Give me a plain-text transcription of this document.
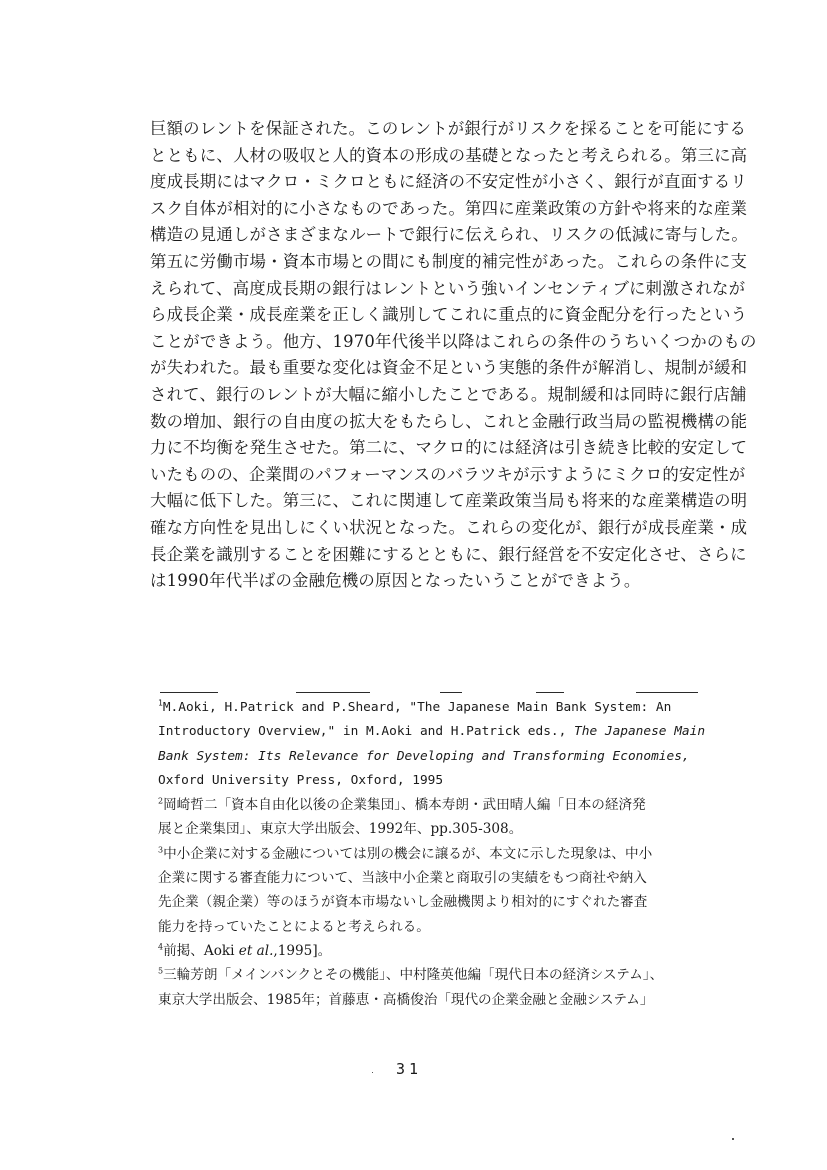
巨額のレントを保証された。このレントが銀行がリスクを採ることを可能にする
とともに、人材の吸収と人的資本の形成の基礎となったと考えられる。第三に高
度成長期にはマクロ・ミクロともに経済の不安定性が小さく、銀行が直面するリ
スク自体が相対的に小さなものであった。第四に産業政策の方針や将来的な産業
構造の見通しがさまざまなルートで銀行に伝えられ、リスクの低減に寄与した。
第五に労働市場・資本市場との間にも制度的補完性があった。これらの条件に支
えられて、高度成長期の銀行はレントという強いインセンティブに刺激されなが
ら成長企業・成長産業を正しく識別してこれに重点的に資金配分を行ったという
ことができよう。他方、1970年代後半以降はこれらの条件のうちいくつかのもの
が失われた。最も重要な変化は資金不足という実態的条件が解消し、規制が緩和
されて、銀行のレントが大幅に縮小したことである。規制緩和は同時に銀行店舗
数の増加、銀行の自由度の拡大をもたらし、これと金融行政当局の監視機構の能
力に不均衡を発生させた。第二に、マクロ的には経済は引き続き比較的安定して
いたものの、企業間のパフォーマンスのバラツキが示すようにミクロ的安定性が
大幅に低下した。第三に、これに関連して産業政策当局も将来的な産業構造の明
確な方向性を見出しにくい状況となった。これらの変化が、銀行が成長産業・成
長企業を識別することを困難にするとともに、銀行経営を不安定化させ、さらに
は1990年代半ばの金融危機の原因となったいうことができよう。
$^1$M.Aoki, H.Patrick and P.Sheard, "The Japanese Main Bank System: An
Introductory Overview," in M.Aoki and H.Patrick eds., The Japanese Main
Bank System: Its Relevance for Developing and Transforming Economies,
Oxford University Press, Oxford, 1995
$^2$岡崎哲二「資本自由化以後の企業集団」、橋本寿朗・武田晴人編「日本の経済発
展と企業集団」、東京大学出版会、1992年、pp.305-308。
$^3$中小企業に対する金融については別の機会に譲るが、本文に示した現象は、中小
企業に関する審査能力について、当該中小企業と商取引の実績をもつ商社や納入
先企業（親企業）等のほうが資本市場ないし金融機関より相対的にすぐれた審査
能力を持っていたことによると考えられる。
$^4$前掲、Aoki et al.,1995]。
$^5$三輪芳朗「メインバンクとその機能」、中村隆英他編「現代日本の経済システム」、
東京大学出版会、1985年；首藤恵・高橋俊治「現代の企業金融と金融システム」
31
